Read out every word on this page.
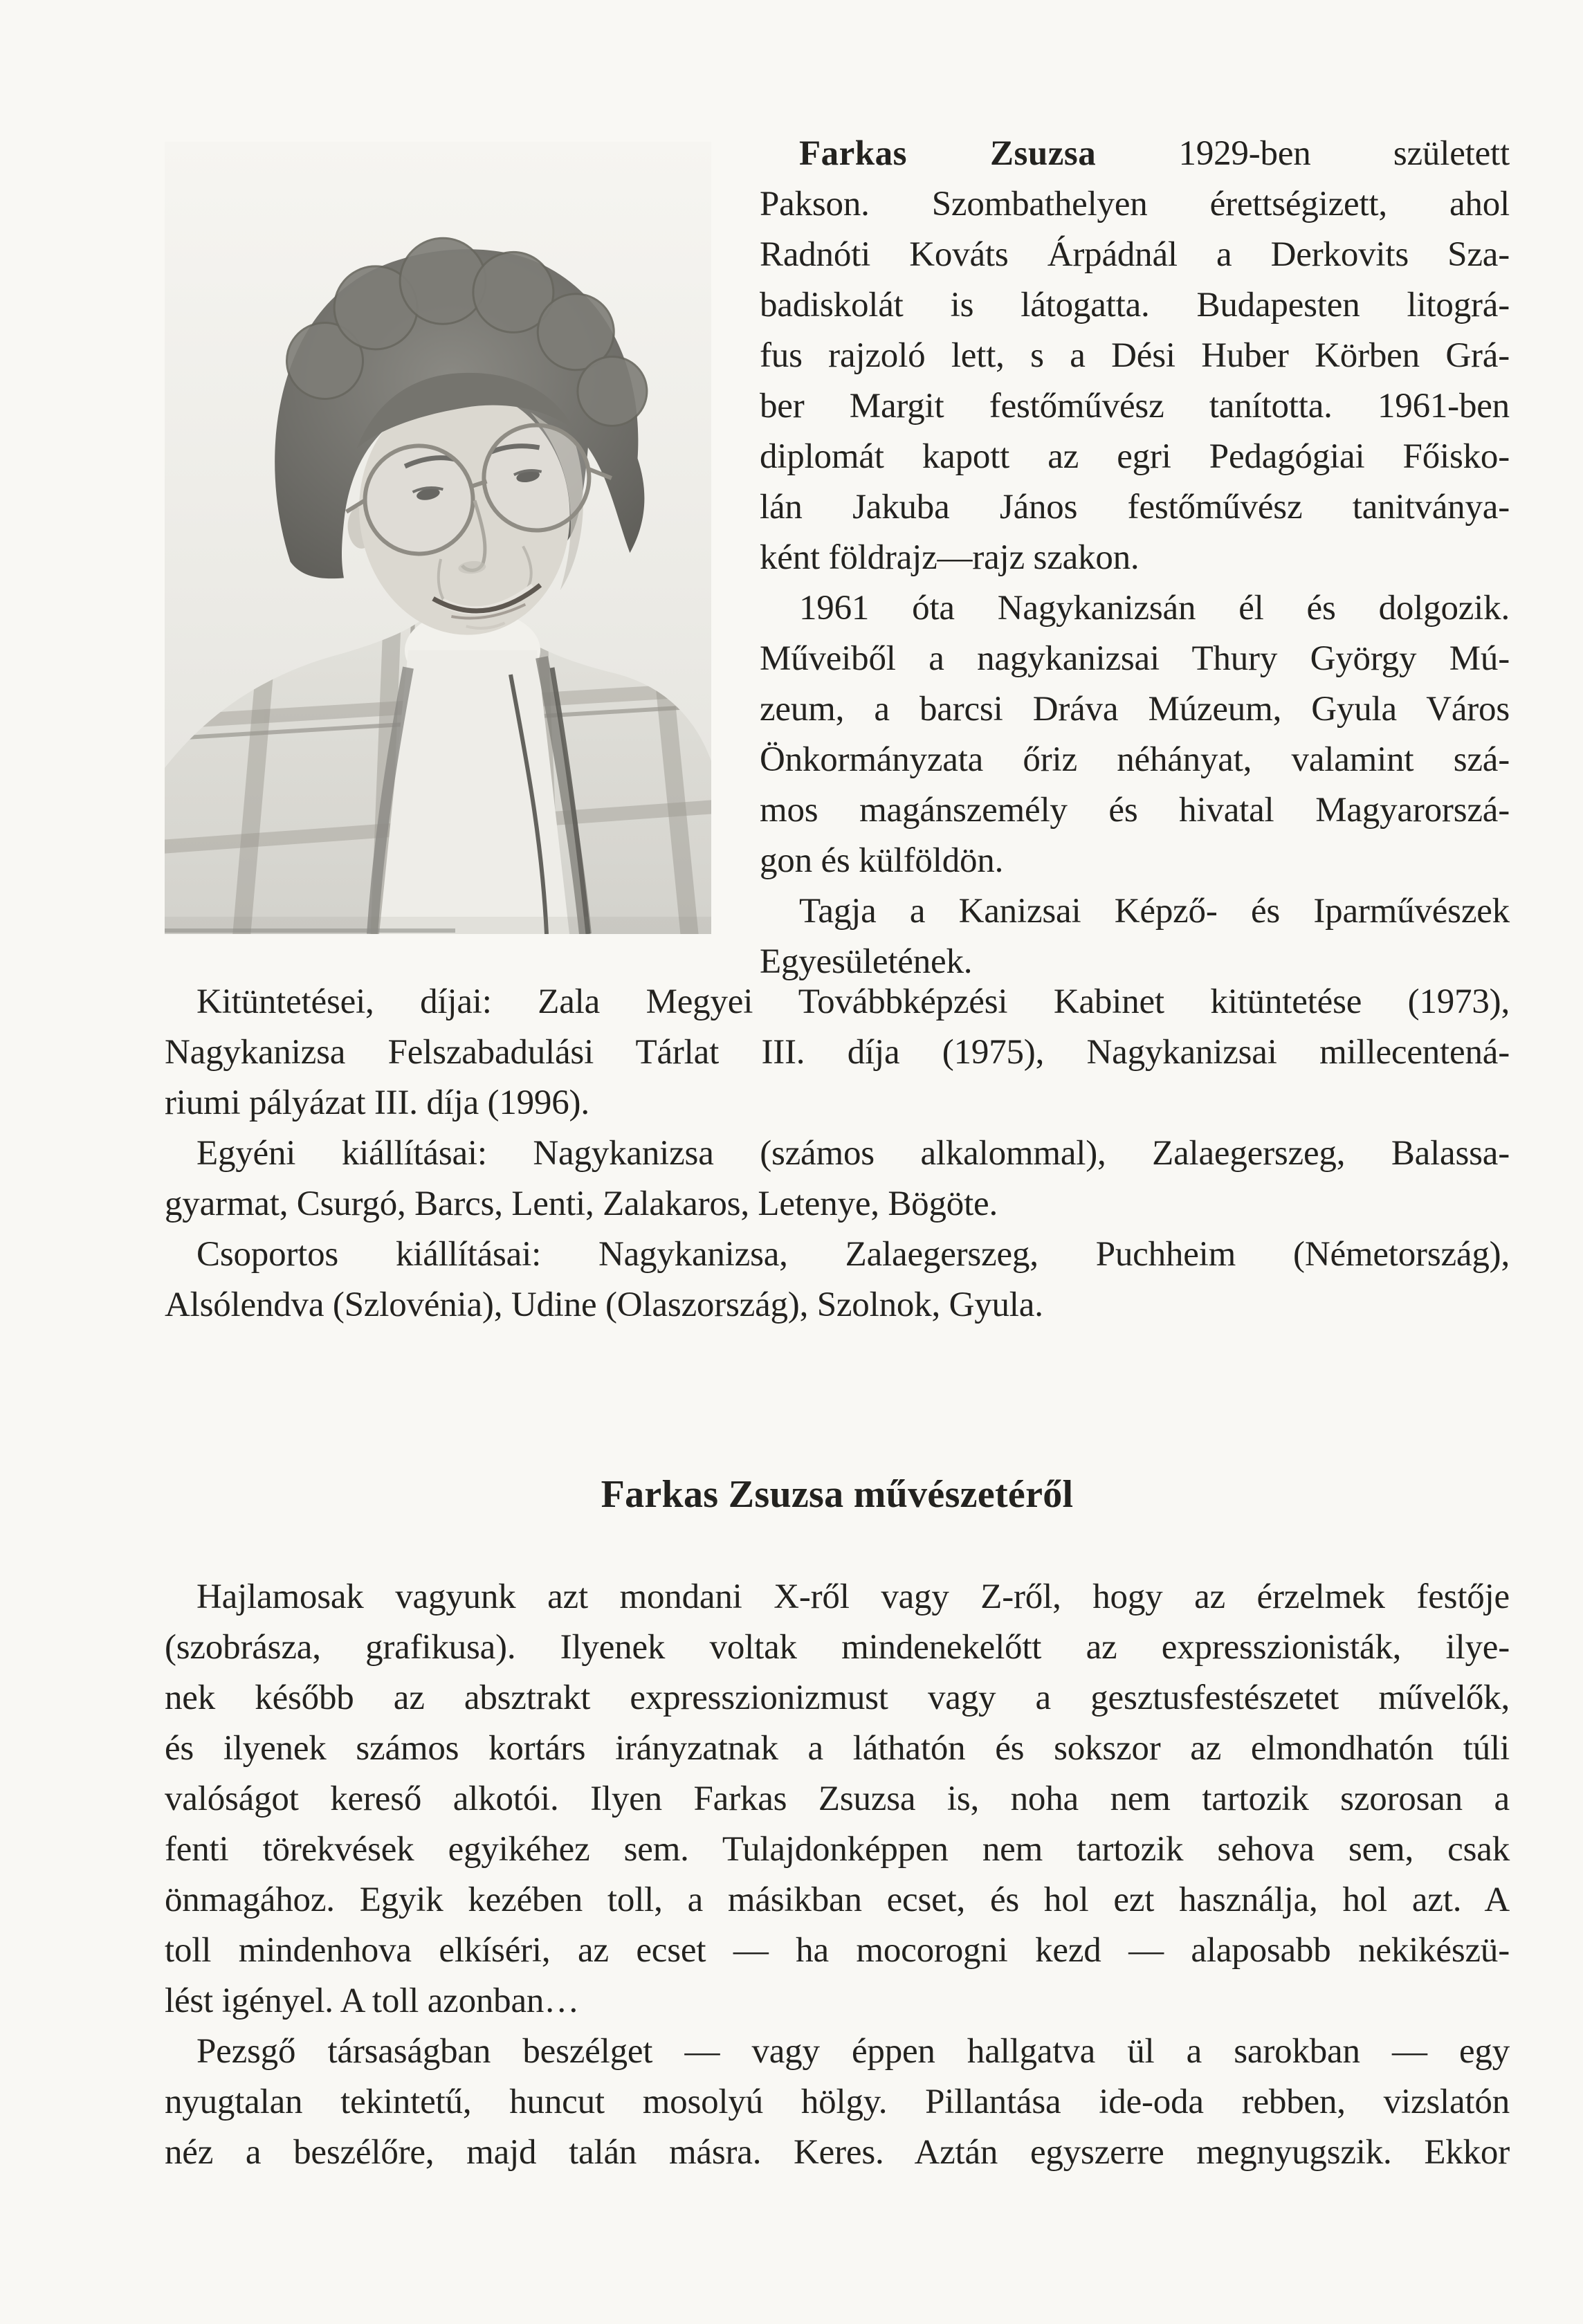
Farkas Zsuzsa 1929-ben született
Pakson. Szombathelyen érettségizett, ahol
Radnóti Kováts Árpádnál a Derkovits Sza-
badiskolát is látogatta. Budapesten litográ-
fus rajzoló lett, s a Dési Huber Körben Grá-
ber Margit festőművész tanította. 1961-ben
diplomát kapott az egri Pedagógiai Főisko-
lán Jakuba János festőművész tanitványa-
ként földrajz—rajz szakon.
1961 óta Nagykanizsán él és dolgozik.
Műveiből a nagykanizsai Thury György Mú-
zeum, a barcsi Dráva Múzeum, Gyula Város
Önkormányzata őriz néhányat, valamint szá-
mos magánszemély és hivatal Magyarorszá-
gon és külföldön.
Tagja a Kanizsai Képző- és Iparművészek
Egyesületének.
Kitüntetései, díjai: Zala Megyei Továbbképzési Kabinet kitüntetése (1973),
Nagykanizsa Felszabadulási Tárlat III. díja (1975), Nagykanizsai millecentená-
riumi pályázat III. díja (1996).
Egyéni kiállításai: Nagykanizsa (számos alkalommal), Zalaegerszeg, Balassa-
gyarmat, Csurgó, Barcs, Lenti, Zalakaros, Letenye, Bögöte.
Csoportos kiállításai: Nagykanizsa, Zalaegerszeg, Puchheim (Németország),
Alsólendva (Szlovénia), Udine (Olaszország), Szolnok, Gyula.
Farkas Zsuzsa művészetéről
Hajlamosak vagyunk azt mondani X-ről vagy Z-ről, hogy az érzelmek festője
(szobrásza, grafikusa). Ilyenek voltak mindenekelőtt az expresszionisták, ilye-
nek később az absztrakt expresszionizmust vagy a gesztusfestészetet művelők,
és ilyenek számos kortárs irányzatnak a láthatón és sokszor az elmondhatón túli
valóságot kereső alkotói. Ilyen Farkas Zsuzsa is, noha nem tartozik szorosan a
fenti törekvések egyikéhez sem. Tulajdonképpen nem tartozik sehova sem, csak
önmagához. Egyik kezében toll, a másikban ecset, és hol ezt használja, hol azt. A
toll mindenhova elkíséri, az ecset — ha mocorogni kezd — alaposabb nekikészü-
lést igényel. A toll azonban…
Pezsgő társaságban beszélget — vagy éppen hallgatva ül a sarokban — egy
nyugtalan tekintetű, huncut mosolyú hölgy. Pillantása ide-oda rebben, vizslatón
néz a beszélőre, majd talán másra. Keres. Aztán egyszerre megnyugszik. Ekkor
